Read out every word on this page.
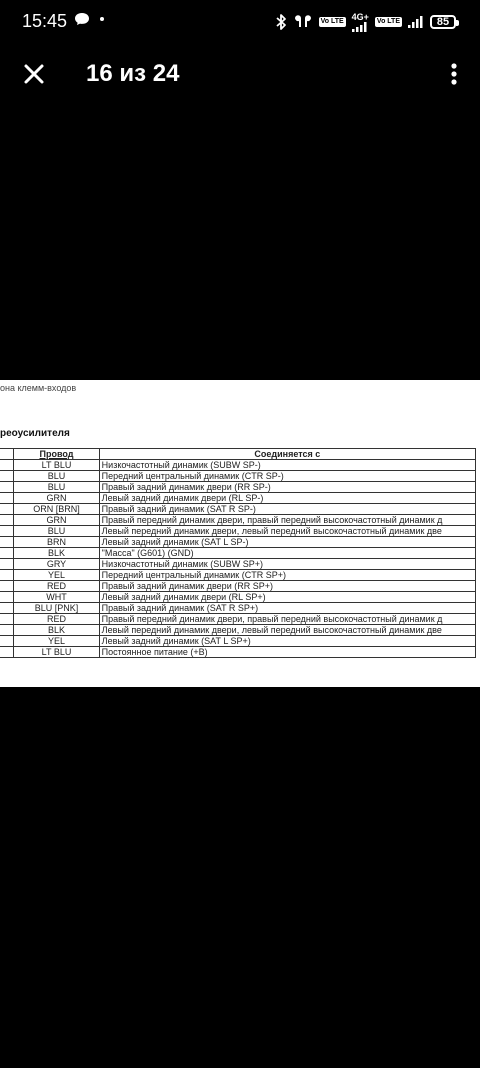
15:45	Vo LTE 4G+ Vo LTE	85
16 из 24
она клемм-входов
реоусилителя
	Провод	Соединяется с
	LT BLU	Низкочастотный динамик (SUBW SP-)
	BLU	Передний центральный динамик (CTR SP-)
	BLU	Правый задний динамик двери (RR SP-)
	GRN	Левый задний динамик двери (RL SP-)
	ORN [BRN]	Правый задний динамик (SAT R SP-)
	GRN	Правый передний динамик двери, правый передний высокочастотный динамик д
	BLU	Левый передний динамик двери, левый передний высокочастотный динамик две
	BRN	Левый задний динамик (SAT L SP-)
	BLK	"Масса" (G601) (GND)
	GRY	Низкочастотный динамик (SUBW SP+)
	YEL	Передний центральный динамик (CTR SP+)
	RED	Правый задний динамик двери (RR SP+)
	WHT	Левый задний динамик двери (RL SP+)
	BLU [PNK]	Правый задний динамик (SAT R SP+)
	RED	Правый передний динамик двери, правый передний высокочастотный динамик д
	BLK	Левый передний динамик двери, левый передний высокочастотный динамик две
	YEL	Левый задний динамик (SAT L SP+)
	LT BLU	Постоянное питание (+B)
